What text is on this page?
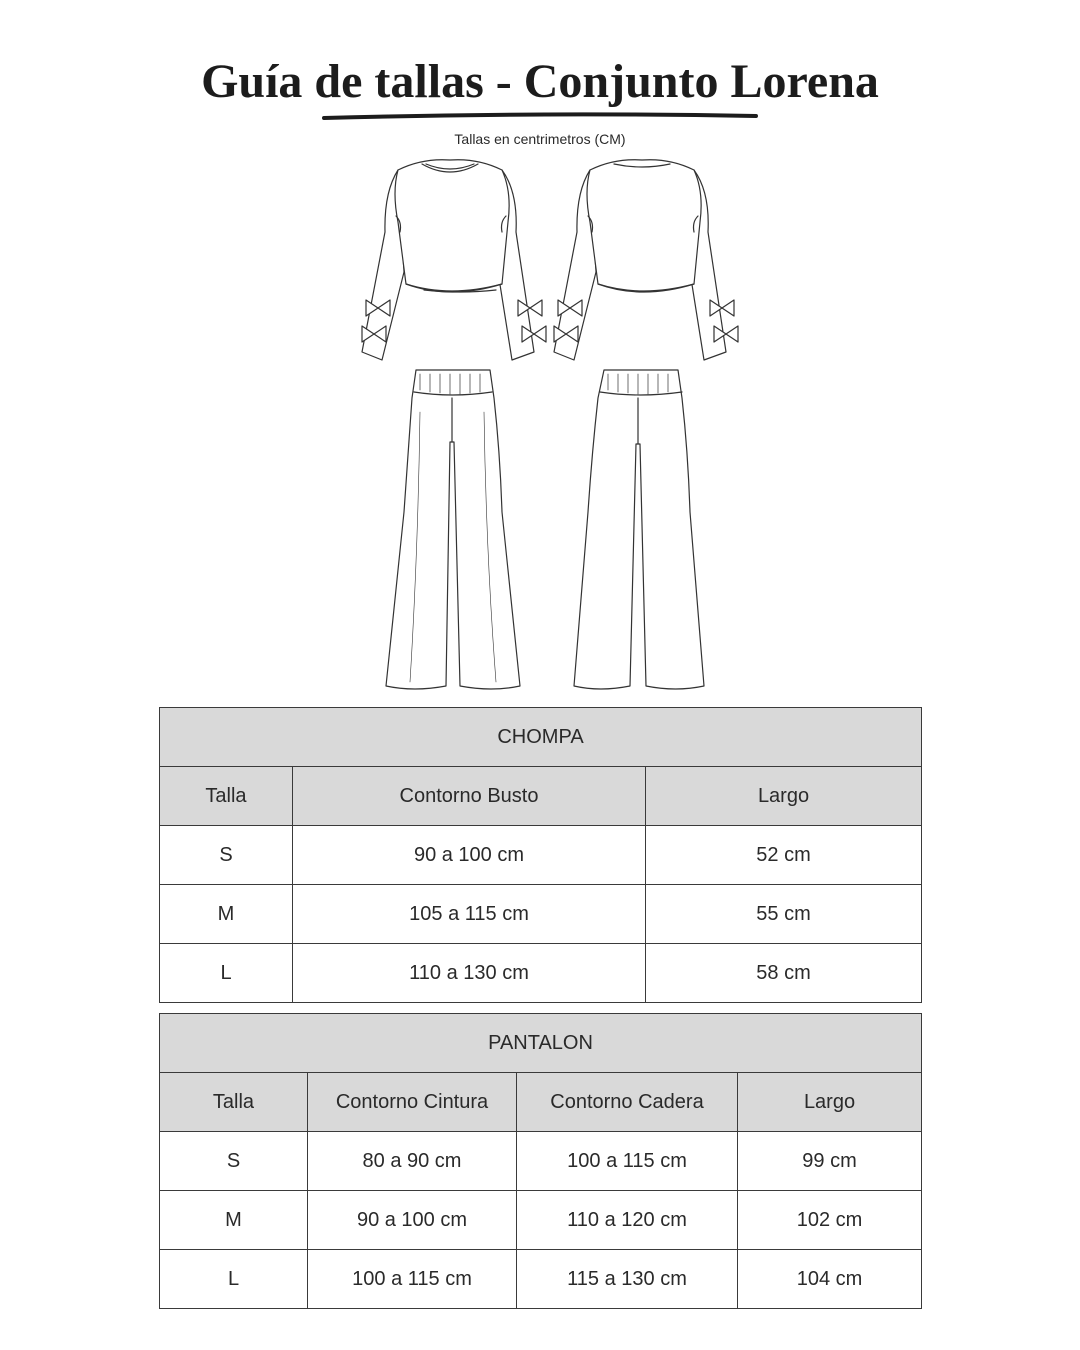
Guía de tallas - Conjunto Lorena
Tallas en centrimetros (CM)
CHOMPA		
Talla	Contorno Busto	Largo
S	90 a 100 cm	52 cm
M	105 a 115 cm	55 cm
L	110 a 130 cm	58 cm
PANTALON			
Talla	Contorno Cintura	Contorno Cadera	Largo
S	80 a 90 cm	100 a 115 cm	99 cm
M	90 a 100 cm	110 a 120 cm	102 cm
L	100 a 115 cm	115 a 130 cm	104 cm
